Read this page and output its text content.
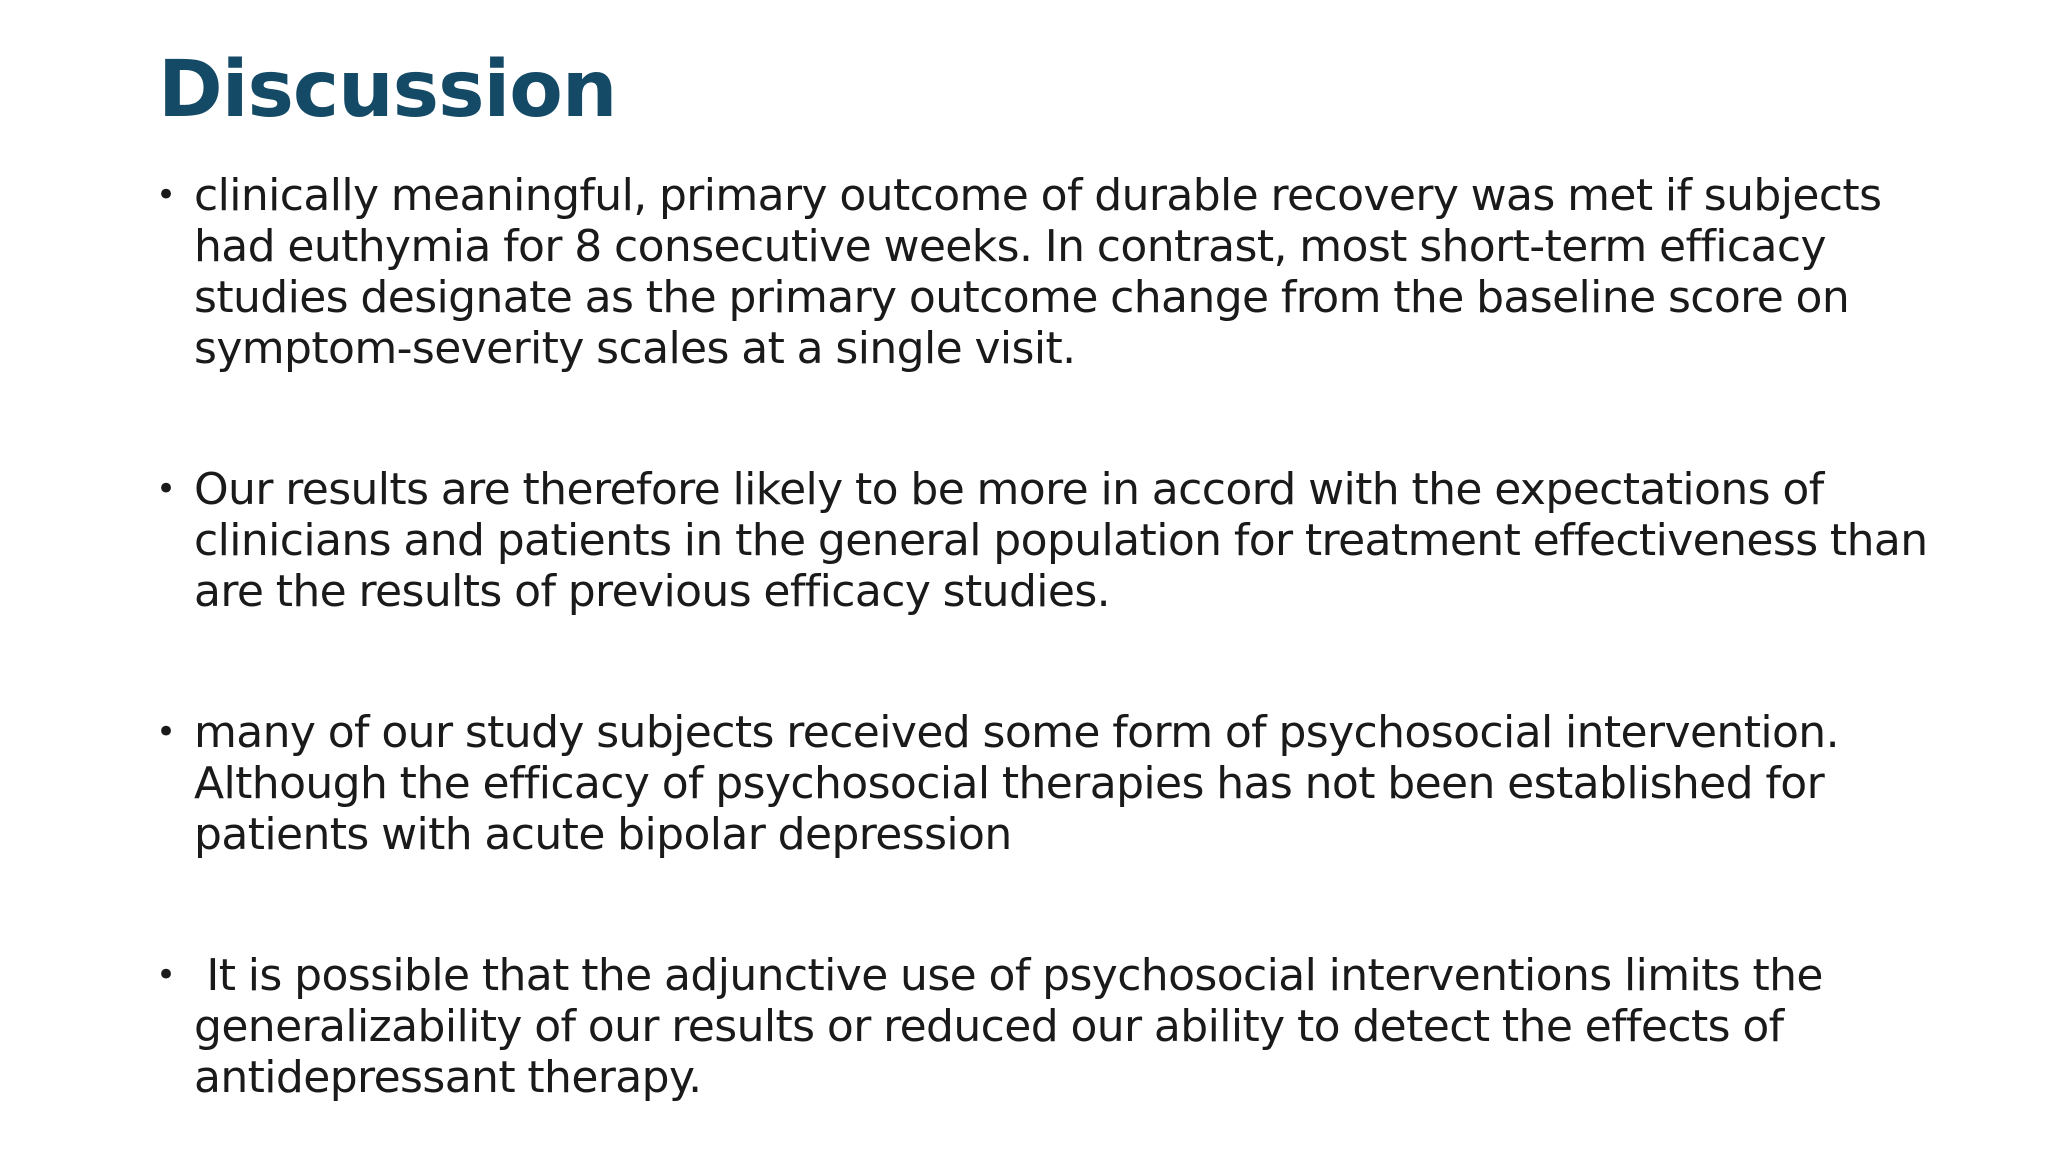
Discussion
• clinically meaningful, primary outcome of durable recovery was met if subjects
had euthymia for 8 consecutive weeks. In contrast, most short-term efficacy
studies designate as the primary outcome change from the baseline score on
symptom-severity scales at a single visit.
• Our results are therefore likely to be more in accord with the expectations of
clinicians and patients in the general population for treatment effectiveness than
are the results of previous efficacy studies.
• many of our study subjects received some form of psychosocial intervention.
Although the efficacy of psychosocial therapies has not been established for
patients with acute bipolar depression
• It is possible that the adjunctive use of psychosocial interventions limits the
generalizability of our results or reduced our ability to detect the effects of
antidepressant therapy.
